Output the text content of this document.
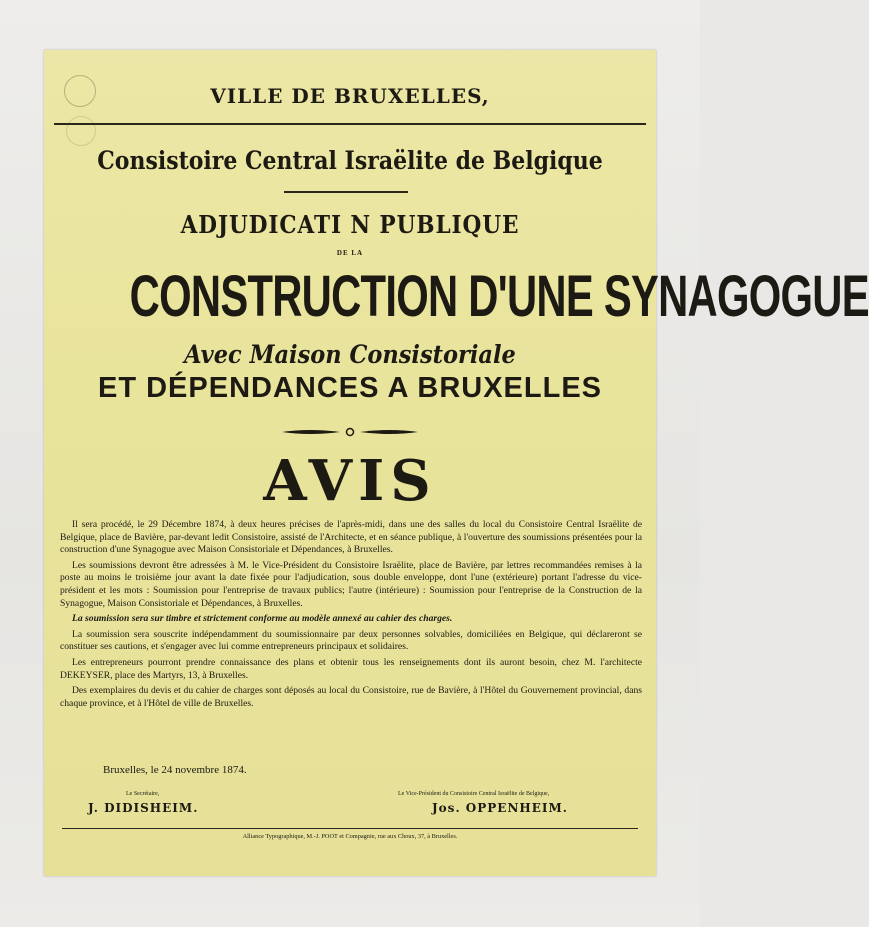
VILLE DE BRUXELLES,
Consistoire Central Israëlite de Belgique
ADJUDICATI N PUBLIQUE
DE LA
CONSTRUCTION D'UNE SYNAGOGUE
Avec Maison Consistoriale
ET DÉPENDANCES A BRUXELLES
AVIS

Il sera procédé, le 29 Décembre 1874, à deux heures précises de l'après-midi, dans une des salles du local du Consistoire Central Israëlite de Belgique, place de Bavière, par-devant ledit Consistoire, assisté de l'Architecte, et en séance publique, à l'ouverture des soumissions présentées pour la construction d'une Synagogue avec Maison Consistoriale et Dépendances, à Bruxelles.

Les soumissions devront être adressées à M. le Vice-Président du Consistoire Israëlite, place de Bavière, par lettres recommandées remises à la poste au moins le troisième jour avant la date fixée pour l'adjudication, sous double enveloppe, dont l'une (extérieure) portant l'adresse du vice-président et les mots : Soumission pour l'entreprise de travaux publics; l'autre (intérieure) : Soumission pour l'entreprise de la Construction de la Synagogue, Maison Consistoriale et Dépendances, à Bruxelles.

La soumission sera sur timbre et strictement conforme au modèle annexé au cahier des charges.

La soumission sera souscrite indépendamment du soumissionnaire par deux personnes solvables, domiciliées en Belgique, qui déclareront se constituer ses cautions, et s'engager avec lui comme entrepreneurs principaux et solidaires.

Les entrepreneurs pourront prendre connaissance des plans et obtenir tous les renseignements dont ils auront besoin, chez M. l'architecte DEKEYSER, place des Martyrs, 13, à Bruxelles.

Des exemplaires du devis et du cahier de charges sont déposés au local du Consistoire, rue de Bavière, à l'Hôtel du Gouvernement provincial, dans chaque province, et à l'Hôtel de ville de Bruxelles.

Bruxelles, le 24 novembre 1874.
Le Secrétaire,
J. DIDISHEIM.
Le Vice-Président du Consistoire Central Israëlite de Belgique,
Jos. OPPENHEIM.
Alliance Typographique, M.-J. POOT et Compagnie, rue aux Choux, 37, à Bruxelles.
